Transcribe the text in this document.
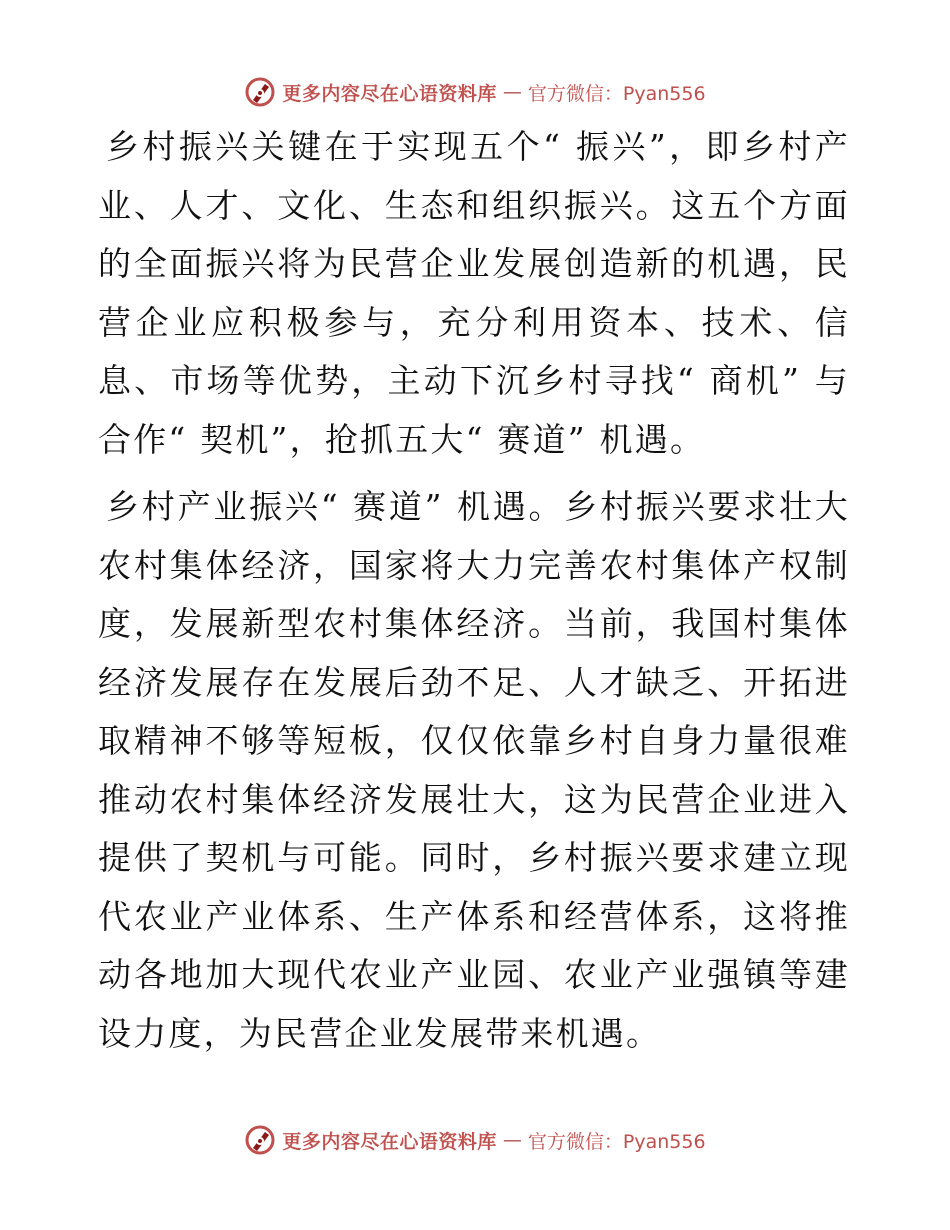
更多内容尽在心语资料库 — 官方微信：Pyan556

乡村振兴关键在于实现五个“ 振兴”，即乡村产业、人才、文化、生态和组织振兴。这五个方面的全面振兴将为民营企业发展创造新的机遇，民营企业应积极参与，充分利用资本、技术、信息、市场等优势，主动下沉乡村寻找“ 商机” 与合作“ 契机”，抢抓五大“ 赛道” 机遇。

乡村产业振兴“ 赛道” 机遇。乡村振兴要求壮大农村集体经济，国家将大力完善农村集体产权制度，发展新型农村集体经济。当前，我国村集体经济发展存在发展后劲不足、人才缺乏、开拓进取精神不够等短板，仅仅依靠乡村自身力量很难推动农村集体经济发展壮大，这为民营企业进入提供了契机与可能。同时，乡村振兴要求建立现代农业产业体系、生产体系和经营体系，这将推动各地加大现代农业产业园、农业产业强镇等建设力度，为民营企业发展带来机遇。

更多内容尽在心语资料库 — 官方微信：Pyan556
